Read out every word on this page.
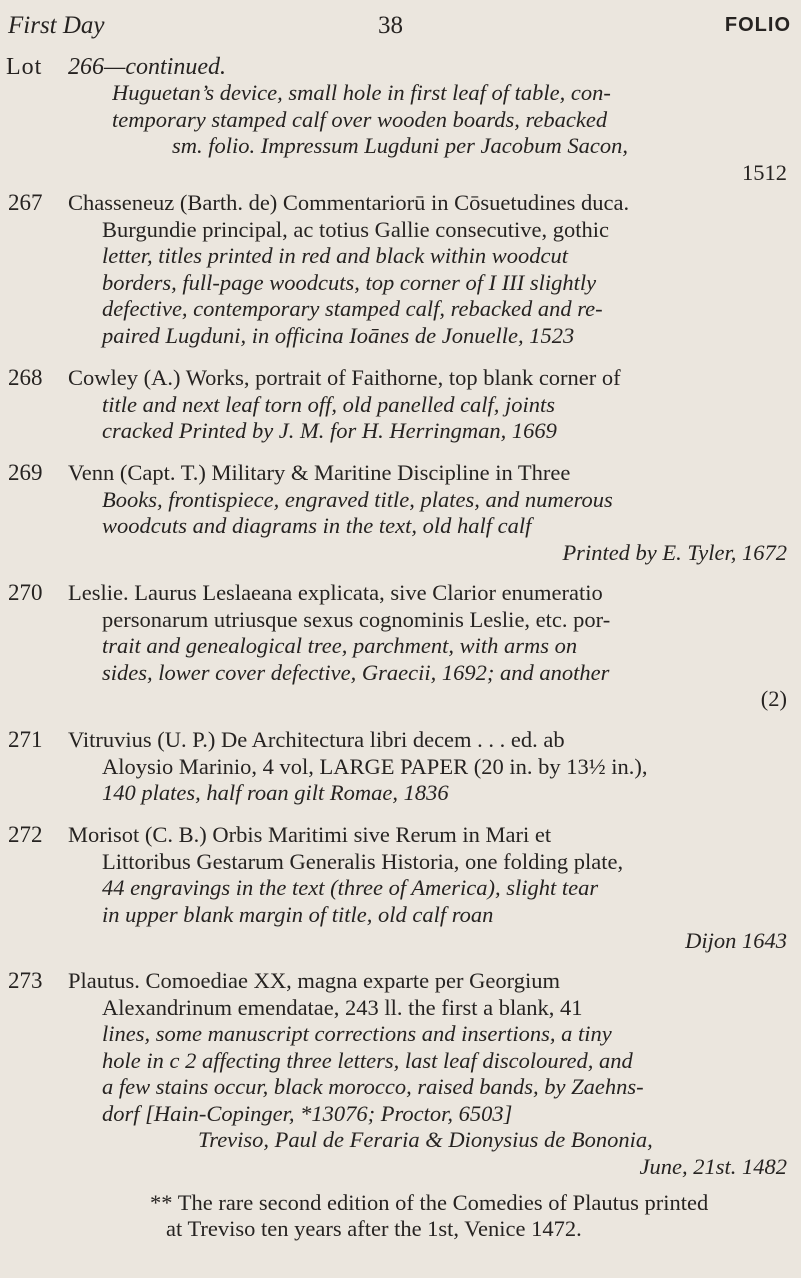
First Day	38	FOLIO
Lot 266—continued.
Huguetan’s device, small hole in first leaf of table, con-
temporary stamped calf over wooden boards, rebacked
sm. folio. Impressum Lugduni per Jacobum Sacon,
1512
267	Chasseneuz (Barth. de) Commentariorū in Cōsuetudines duca.
Burgundie principal, ac totius Gallie consecutive, gothic
letter, titles printed in red and black within woodcut
borders, full-page woodcuts, top corner of I III slightly
defective, contemporary stamped calf, rebacked and re-
paired Lugduni, in officina Ioānes de Jonuelle, 1523
268	Cowley (A.) Works, portrait of Faithorne, top blank corner of
title and next leaf torn off, old panelled calf, joints
cracked Printed by J. M. for H. Herringman, 1669
269	Venn (Capt. T.) Military & Maritine Discipline in Three
Books, frontispiece, engraved title, plates, and numerous
woodcuts and diagrams in the text, old half calf
Printed by E. Tyler, 1672
270	Leslie. Laurus Leslaeana explicata, sive Clarior enumeratio
personarum utriusque sexus cognominis Leslie, etc. por-
trait and genealogical tree, parchment, with arms on
sides, lower cover defective, Graecii, 1692; and another
(2)
271	Vitruvius (U. P.) De Architectura libri decem . . . ed. ab
Aloysio Marinio, 4 vol, LARGE PAPER (20 in. by 13½ in.),
140 plates, half roan gilt Romae, 1836
272	Morisot (C. B.) Orbis Maritimi sive Rerum in Mari et
Littoribus Gestarum Generalis Historia, one folding plate,
44 engravings in the text (three of America), slight tear
in upper blank margin of title, old calf roan
Dijon 1643
273	Plautus. Comoediae XX, magna exparte per Georgium
Alexandrinum emendatae, 243 ll. the first a blank, 41
lines, some manuscript corrections and insertions, a tiny
hole in c 2 affecting three letters, last leaf discoloured, and
a few stains occur, black morocco, raised bands, by Zaehns-
dorf [Hain-Copinger, *13076; Proctor, 6503]
Treviso, Paul de Feraria & Dionysius de Bononia,
June, 21st. 1482
** The rare second edition of the Comedies of Plautus printed
at Treviso ten years after the 1st, Venice 1472.
